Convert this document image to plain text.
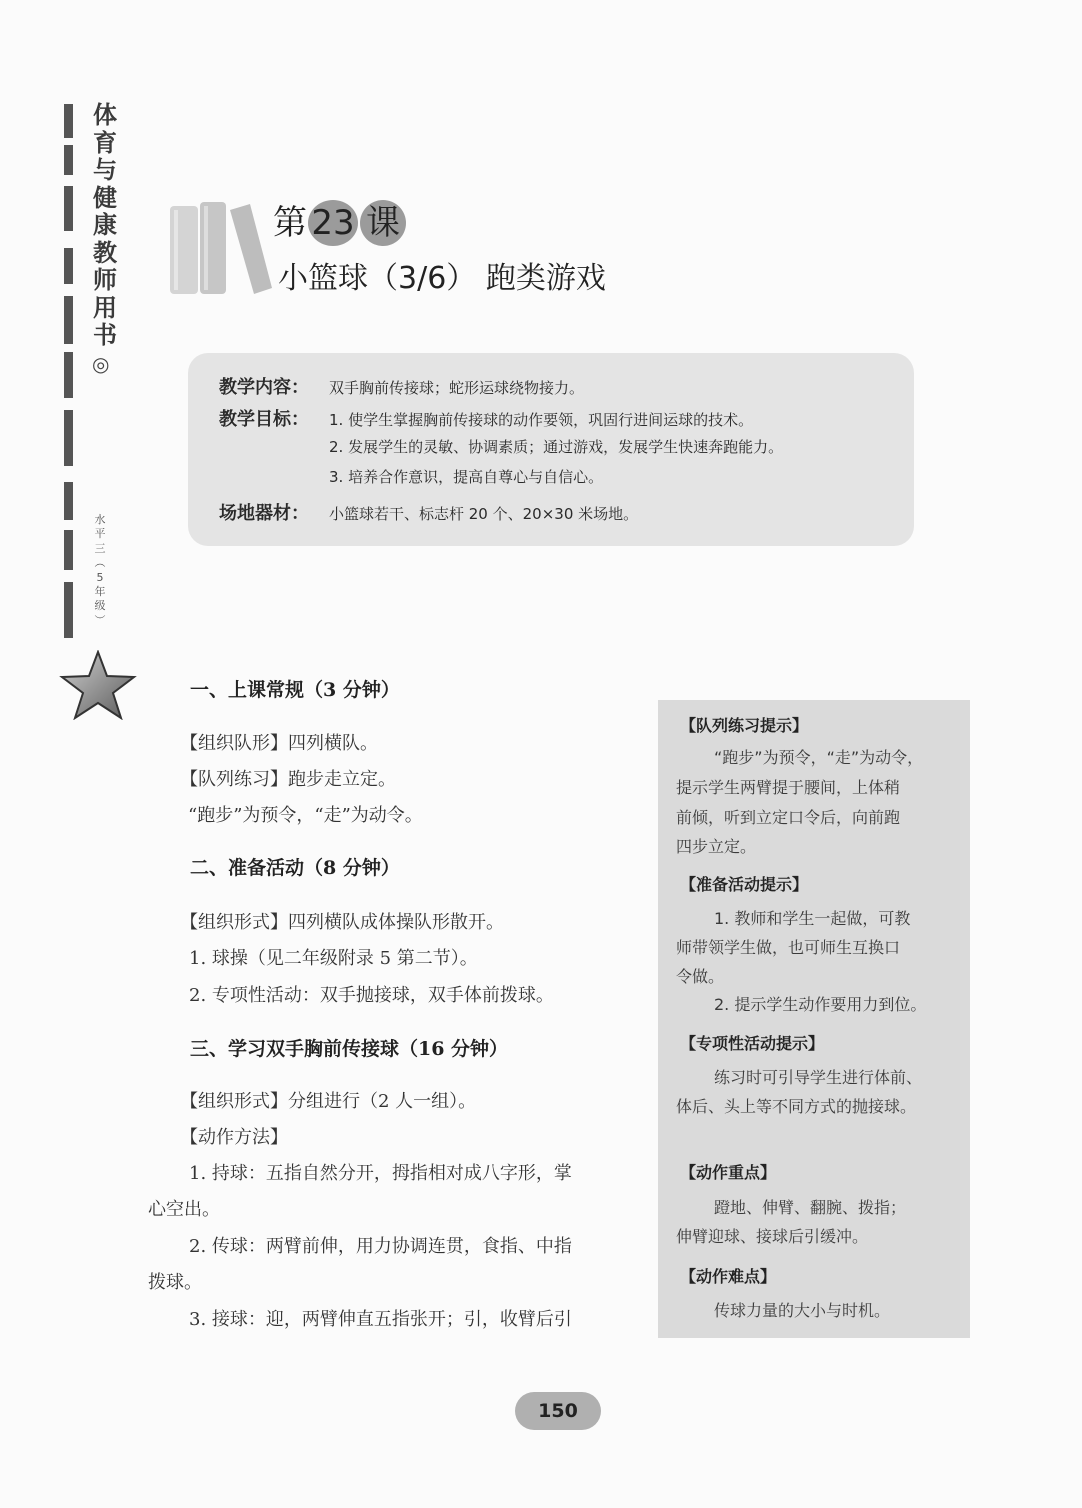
体
育
与
健
康
教
师
用
书
◎
水
平
三
︵
5
年
级
︶
第 23 课
小篮球（3/6） 跑类游戏
教学内容：	双手胸前传接球；蛇形运球绕物接力。
教学目标：	1. 使学生掌握胸前传接球的动作要领，巩固行进间运球的技术。
2. 发展学生的灵敏、协调素质；通过游戏，发展学生快速奔跑能力。
3. 培养合作意识，提高自尊心与自信心。
场地器材：	小篮球若干、标志杆 20 个、20×30 米场地。
一、上课常规（3 分钟）
【组织队形】四列横队。
【队列练习】跑步走立定。
“跑步”为预令，“走”为动令。
二、准备活动（8 分钟）
【组织形式】四列横队成体操队形散开。
1. 球操（见二年级附录 5 第二节）。
2. 专项性活动：双手抛接球，双手体前拨球。
三、学习双手胸前传接球（16 分钟）
【组织形式】分组进行（2 人一组）。
【动作方法】
1. 持球：五指自然分开，拇指相对成八字形，掌
心空出。
2. 传球：两臂前伸，用力协调连贯，食指、中指
拨球。
3. 接球：迎，两臂伸直五指张开；引，收臂后引
【队列练习提示】
“跑步”为预令，“走”为动令，
提示学生两臂提于腰间，上体稍
前倾，听到立定口令后，向前跑
四步立定。
【准备活动提示】
1. 教师和学生一起做，可教
师带领学生做，也可师生互换口
令做。
2. 提示学生动作要用力到位。
【专项性活动提示】
练习时可引导学生进行体前、
体后、头上等不同方式的抛接球。
【动作重点】
蹬地、伸臂、翻腕、拨指；
伸臂迎球、接球后引缓冲。
【动作难点】
传球力量的大小与时机。
150
